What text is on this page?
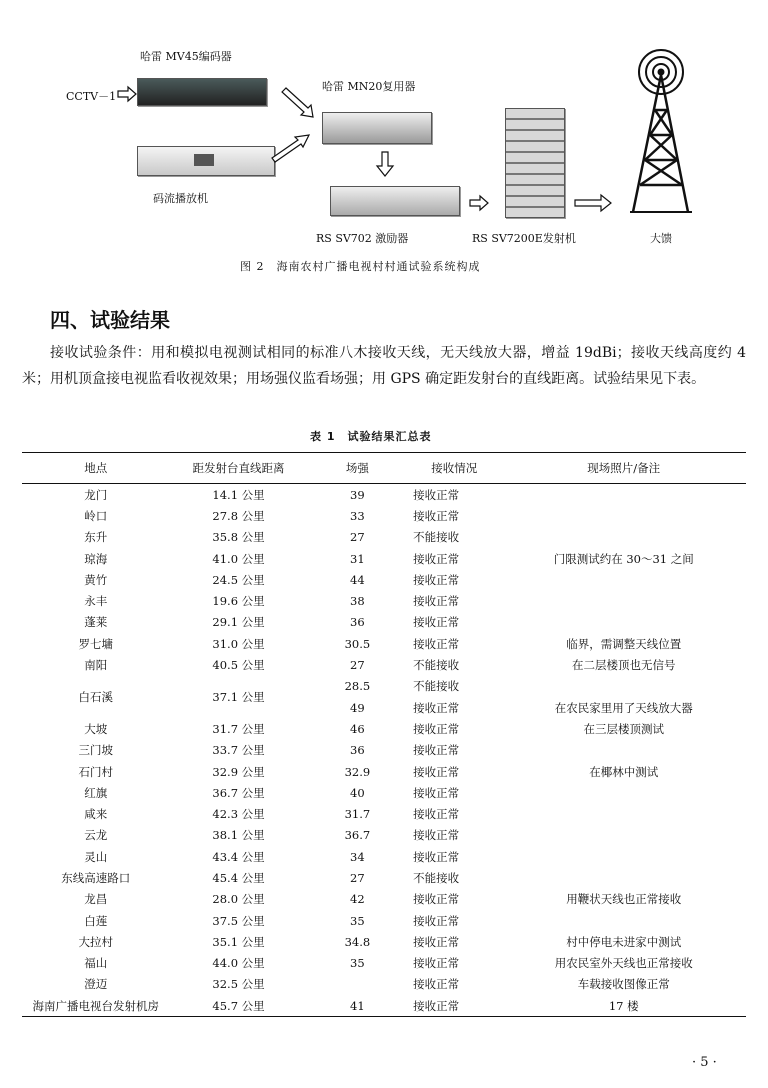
哈雷 MV45编码器
CCTV－1
哈雷 MN20复用器
码流播放机
RS SV702 激励器	RS SV7200E发射机	大馈
图 2　海南农村广播电视村村通试验系统构成
四、试验结果
接收试验条件：用和模拟电视测试相同的标准八木接收天线，无天线放大器，增益 19dBi；接收天线高度约 4 米；用机顶盒接电视监看收视效果；用场强仪监看场强；用 GPS 确定距发射台的直线距离。试验结果见下表。
表 1　试验结果汇总表
地点	距发射台直线距离	场强	接收情况	现场照片/备注
龙门	14.1 公里	39	接收正常	
岭口	27.8 公里	33	接收正常	
东升	35.8 公里	27	不能接收	
琼海	41.0 公里	31	接收正常	门限测试约在 30～31 之间
黄竹	24.5 公里	44	接收正常	
永丰	19.6 公里	38	接收正常	
蓬莱	29.1 公里	36	接收正常	
罗七墉	31.0 公里	30.5	接收正常	临界，需调整天线位置
南阳	40.5 公里	27	不能接收	在二层楼顶也无信号
白石溪	37.1 公里	28.5	不能接收	
		49	接收正常	在农民家里用了天线放大器
大坡	31.7 公里	46	接收正常	在三层楼顶测试
三门坡	33.7 公里	36	接收正常	
石门村	32.9 公里	32.9	接收正常	在椰林中测试
红旗	36.7 公里	40	接收正常	
咸来	42.3 公里	31.7	接收正常	
云龙	38.1 公里	36.7	接收正常	
灵山	43.4 公里	34	接收正常	
东线高速路口	45.4 公里	27	不能接收	
龙昌	28.0 公里	42	接收正常	用鞭状天线也正常接收
白莲	37.5 公里	35	接收正常	
大拉村	35.1 公里	34.8	接收正常	村中停电未进家中测试
福山	44.0 公里	35	接收正常	用农民室外天线也正常接收
澄迈	32.5 公里		接收正常	车载接收图像正常
海南广播电视台发射机房	45.7 公里	41	接收正常	17 楼
· 5 ·
